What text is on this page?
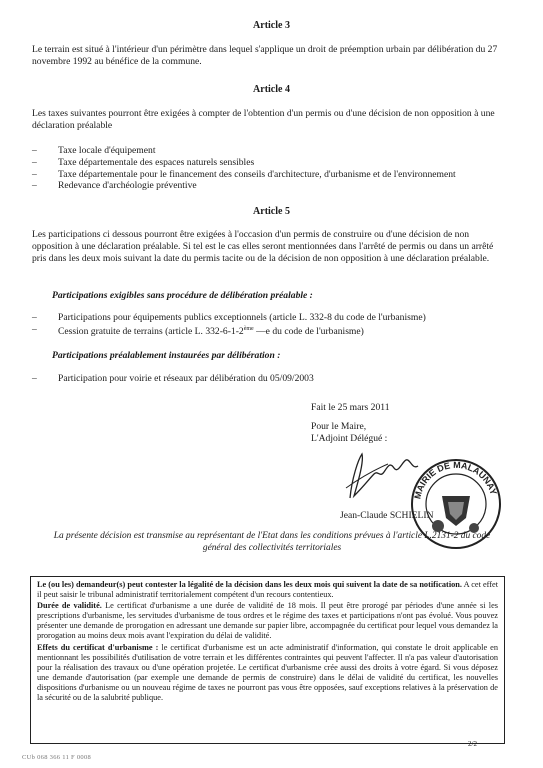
Article 3

Le terrain est situé à l'intérieur d'un périmètre dans lequel s'applique un droit de préemption urbain par délibération du 27 novembre 1992 au bénéfice de la commune.

Article 4

Les taxes suivantes pourront être exigées à compter de l'obtention d'un permis ou d'une décision de non opposition à une déclaration préalable

– Taxe locale d'équipement
– Taxe départementale des espaces naturels sensibles
– Taxe départementale pour le financement des conseils d'architecture, d'urbanisme et de l'environnement
– Redevance d'archéologie préventive
Article 5

Les participations ci dessous pourront être exigées à l'occasion d'un permis de construire ou d'une décision de non opposition à une déclaration préalable. Si tel est le cas elles seront mentionnées dans l'arrêté de permis ou dans un arrêté pris dans les deux mois suivant la date du permis tacite ou de la décision de non opposition à une déclaration préalable.

Participations exigibles sans procédure de délibération préalable :
– Participations pour équipements publics exceptionnels (article L. 332-8 du code de l'urbanisme)
– Cession gratuite de terrains (article L. 332-6-1-2ème —e du code de l'urbanisme)
Participations préalablement instaurées par délibération :
– Participation pour voirie et réseaux par délibération du 05/09/2003
Fait le 25 mars 2011
Pour le Maire,
L'Adjoint Délégué :
MAIRIE DE MALAUNAY
Jean-Claude SCHIELIN
La présente décision est transmise au représentant de l'Etat dans les conditions prévues à l'article L.2131-2 du code général des collectivités territoriales

Le (ou les) demandeur(s) peut contester la légalité de la décision dans les deux mois qui suivent la date de sa notification. A cet effet il peut saisir le tribunal administratif territorialement compétent d'un recours contentieux.

Durée de validité. Le certificat d'urbanisme a une durée de validité de 18 mois. Il peut être prorogé par périodes d'une année si les prescriptions d'urbanisme, les servitudes d'urbanisme de tous ordres et le régime des taxes et participations n'ont pas évolué. Vous pouvez présenter une demande de prorogation en adressant une demande sur papier libre, accompagnée du certificat pour lequel vous demandez la prorogation au moins deux mois avant l'expiration du délai de validité.

Effets du certificat d'urbanisme : le certificat d'urbanisme est un acte administratif d'information, qui constate le droit applicable en mentionnant les possibilités d'utilisation de votre terrain et les différentes contraintes qui peuvent l'affecter. Il n'a pas valeur d'autorisation pour la réalisation des travaux ou d'une opération projetée. Le certificat d'urbanisme crée aussi des droits à votre égard. Si vous déposez une demande d'autorisation (par exemple une demande de permis de construire) dans le délai de validité du certificat, les nouvelles dispositions d'urbanisme ou un nouveau régime de taxes ne pourront pas vous être opposées, sauf exceptions relatives à la préservation de la sécurité ou de la salubrité publique.

2/2
CUb 068 366 11 F 0008
